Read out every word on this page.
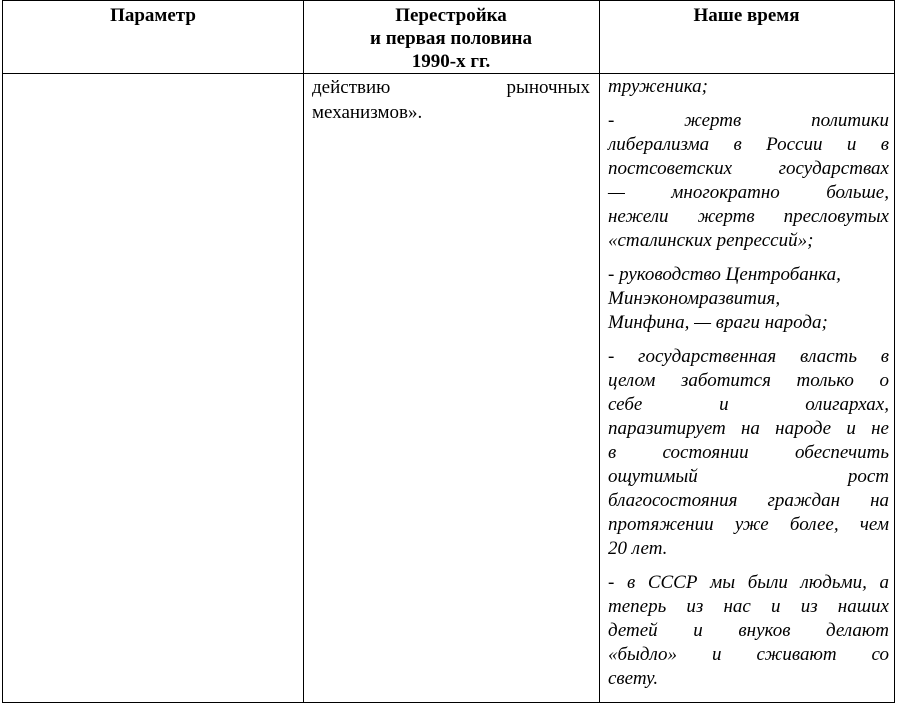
Параметр	Перестройка
и первая половина
1990-х гг.
Наше время
действию рыночных
механизмов».

труженика;

- жертв политики
либерализма в России и в
постсоветских государствах
— многократно больше,
нежели жертв пресловутых
«сталинских репрессий»;

- руководство Центробанка,
Минэкономразвития,
Минфина, — враги народа;

- государственная власть в
целом заботится только о
себе и олигархах,
паразитирует на народе и не
в состоянии обеспечить
ощутимый рост
благосостояния граждан на
протяжении уже более, чем
20 лет.

- в СССР мы были людьми, а
теперь из нас и из наших
детей и внуков делают
«быдло» и сживают со
свету.
